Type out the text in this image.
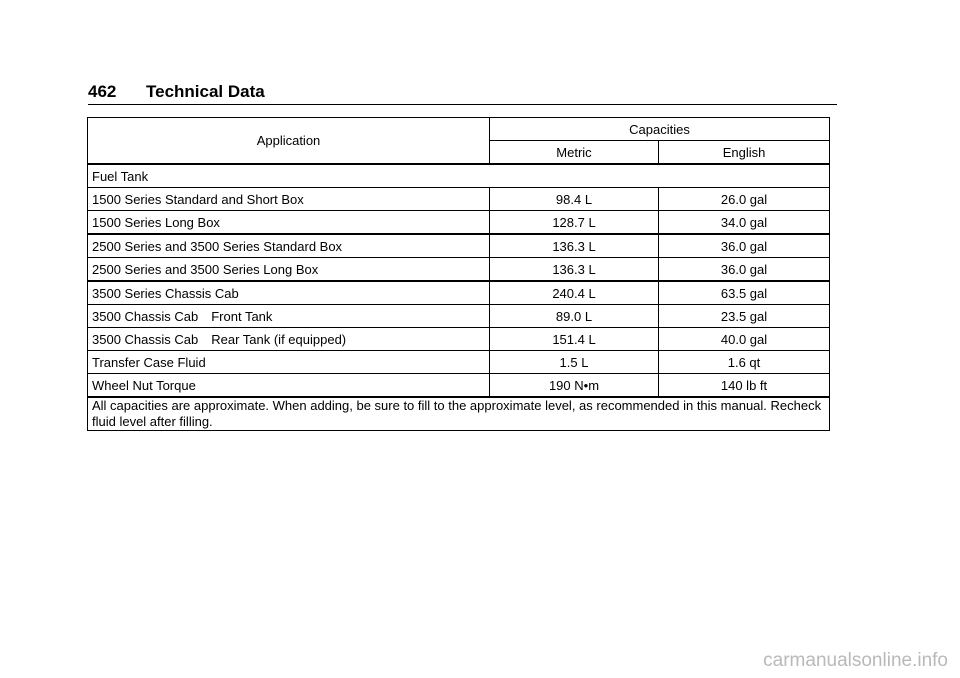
462 Technical Data
Application	Capacities	
	Metric	English
Fuel Tank		
1500 Series Standard and Short Box	98.4 L	26.0 gal
1500 Series Long Box	128.7 L	34.0 gal
2500 Series and 3500 Series Standard Box	136.3 L	36.0 gal
2500 Series and 3500 Series Long Box	136.3 L	36.0 gal
3500 Series Chassis Cab	240.4 L	63.5 gal
3500 Chassis Cab Front Tank	89.0 L	23.5 gal
3500 Chassis Cab Rear Tank (if equipped)	151.4 L	40.0 gal
Transfer Case Fluid	1.5 L	1.6 qt
Wheel Nut Torque	190 N•m	140 lb ft
All capacities are approximate. When adding, be sure to fill to the approximate level, as recommended in this manual. Recheck fluid level after filling.		
carmanualsonline.info
